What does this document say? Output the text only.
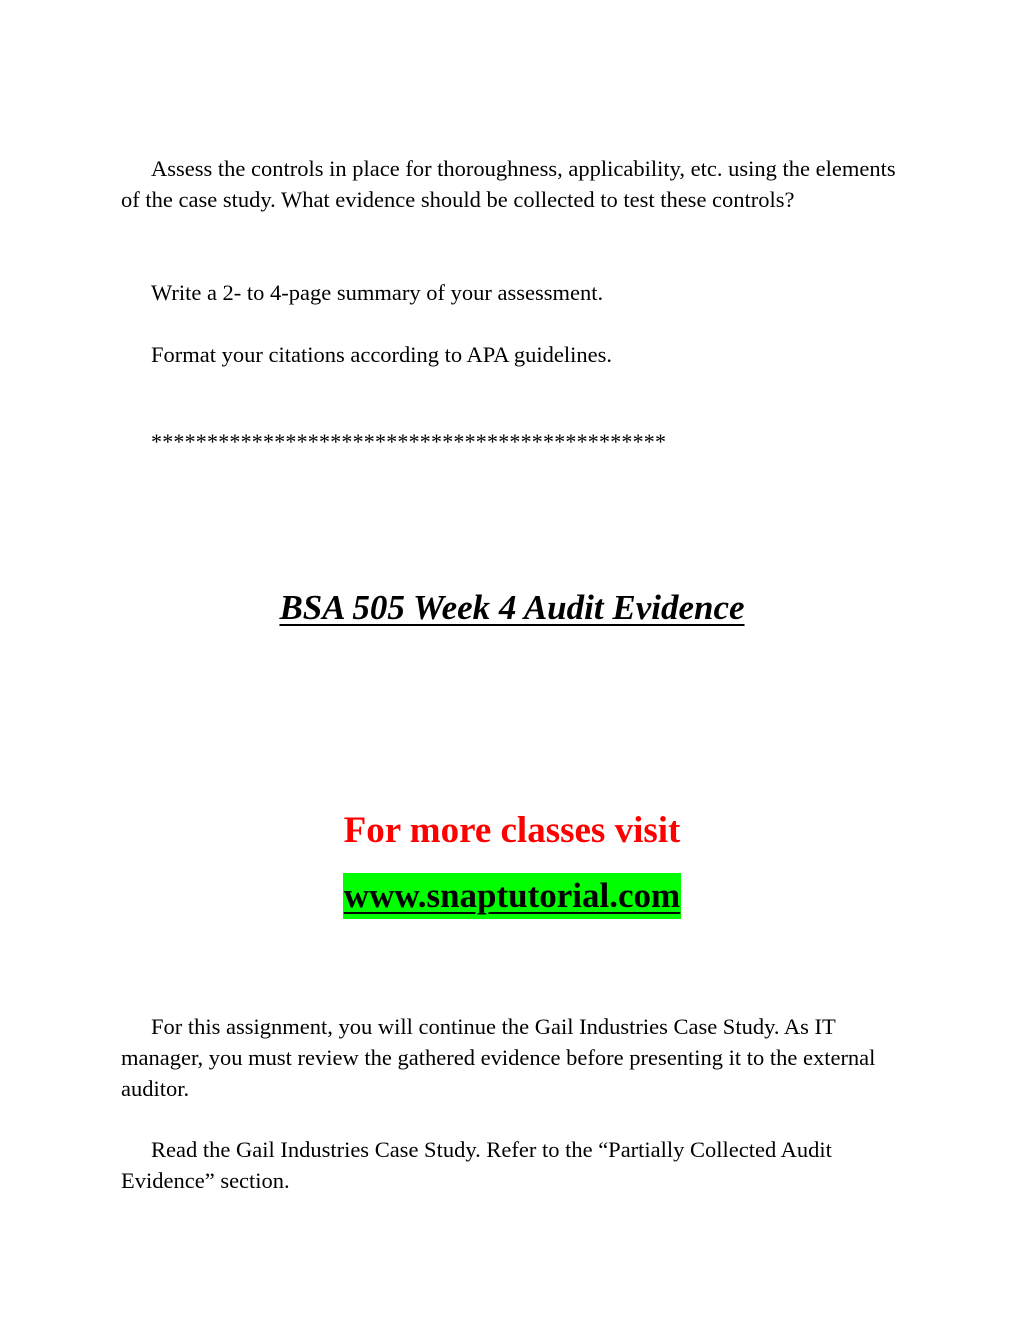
Assess the controls in place for thoroughness, applicability, etc. using the elements of the case study. What evidence should be collected to test these controls?

Write a 2- to 4-page summary of your assessment.

Format your citations according to APA guidelines.

**********************************************

BSA 505 Week 4 Audit Evidence
For more classes visit
www.snaptutorial.com

For this assignment, you will continue the Gail Industries Case Study. As IT manager, you must review the gathered evidence before presenting it to the external auditor.

Read the Gail Industries Case Study. Refer to the “Partially Collected Audit Evidence” section.
